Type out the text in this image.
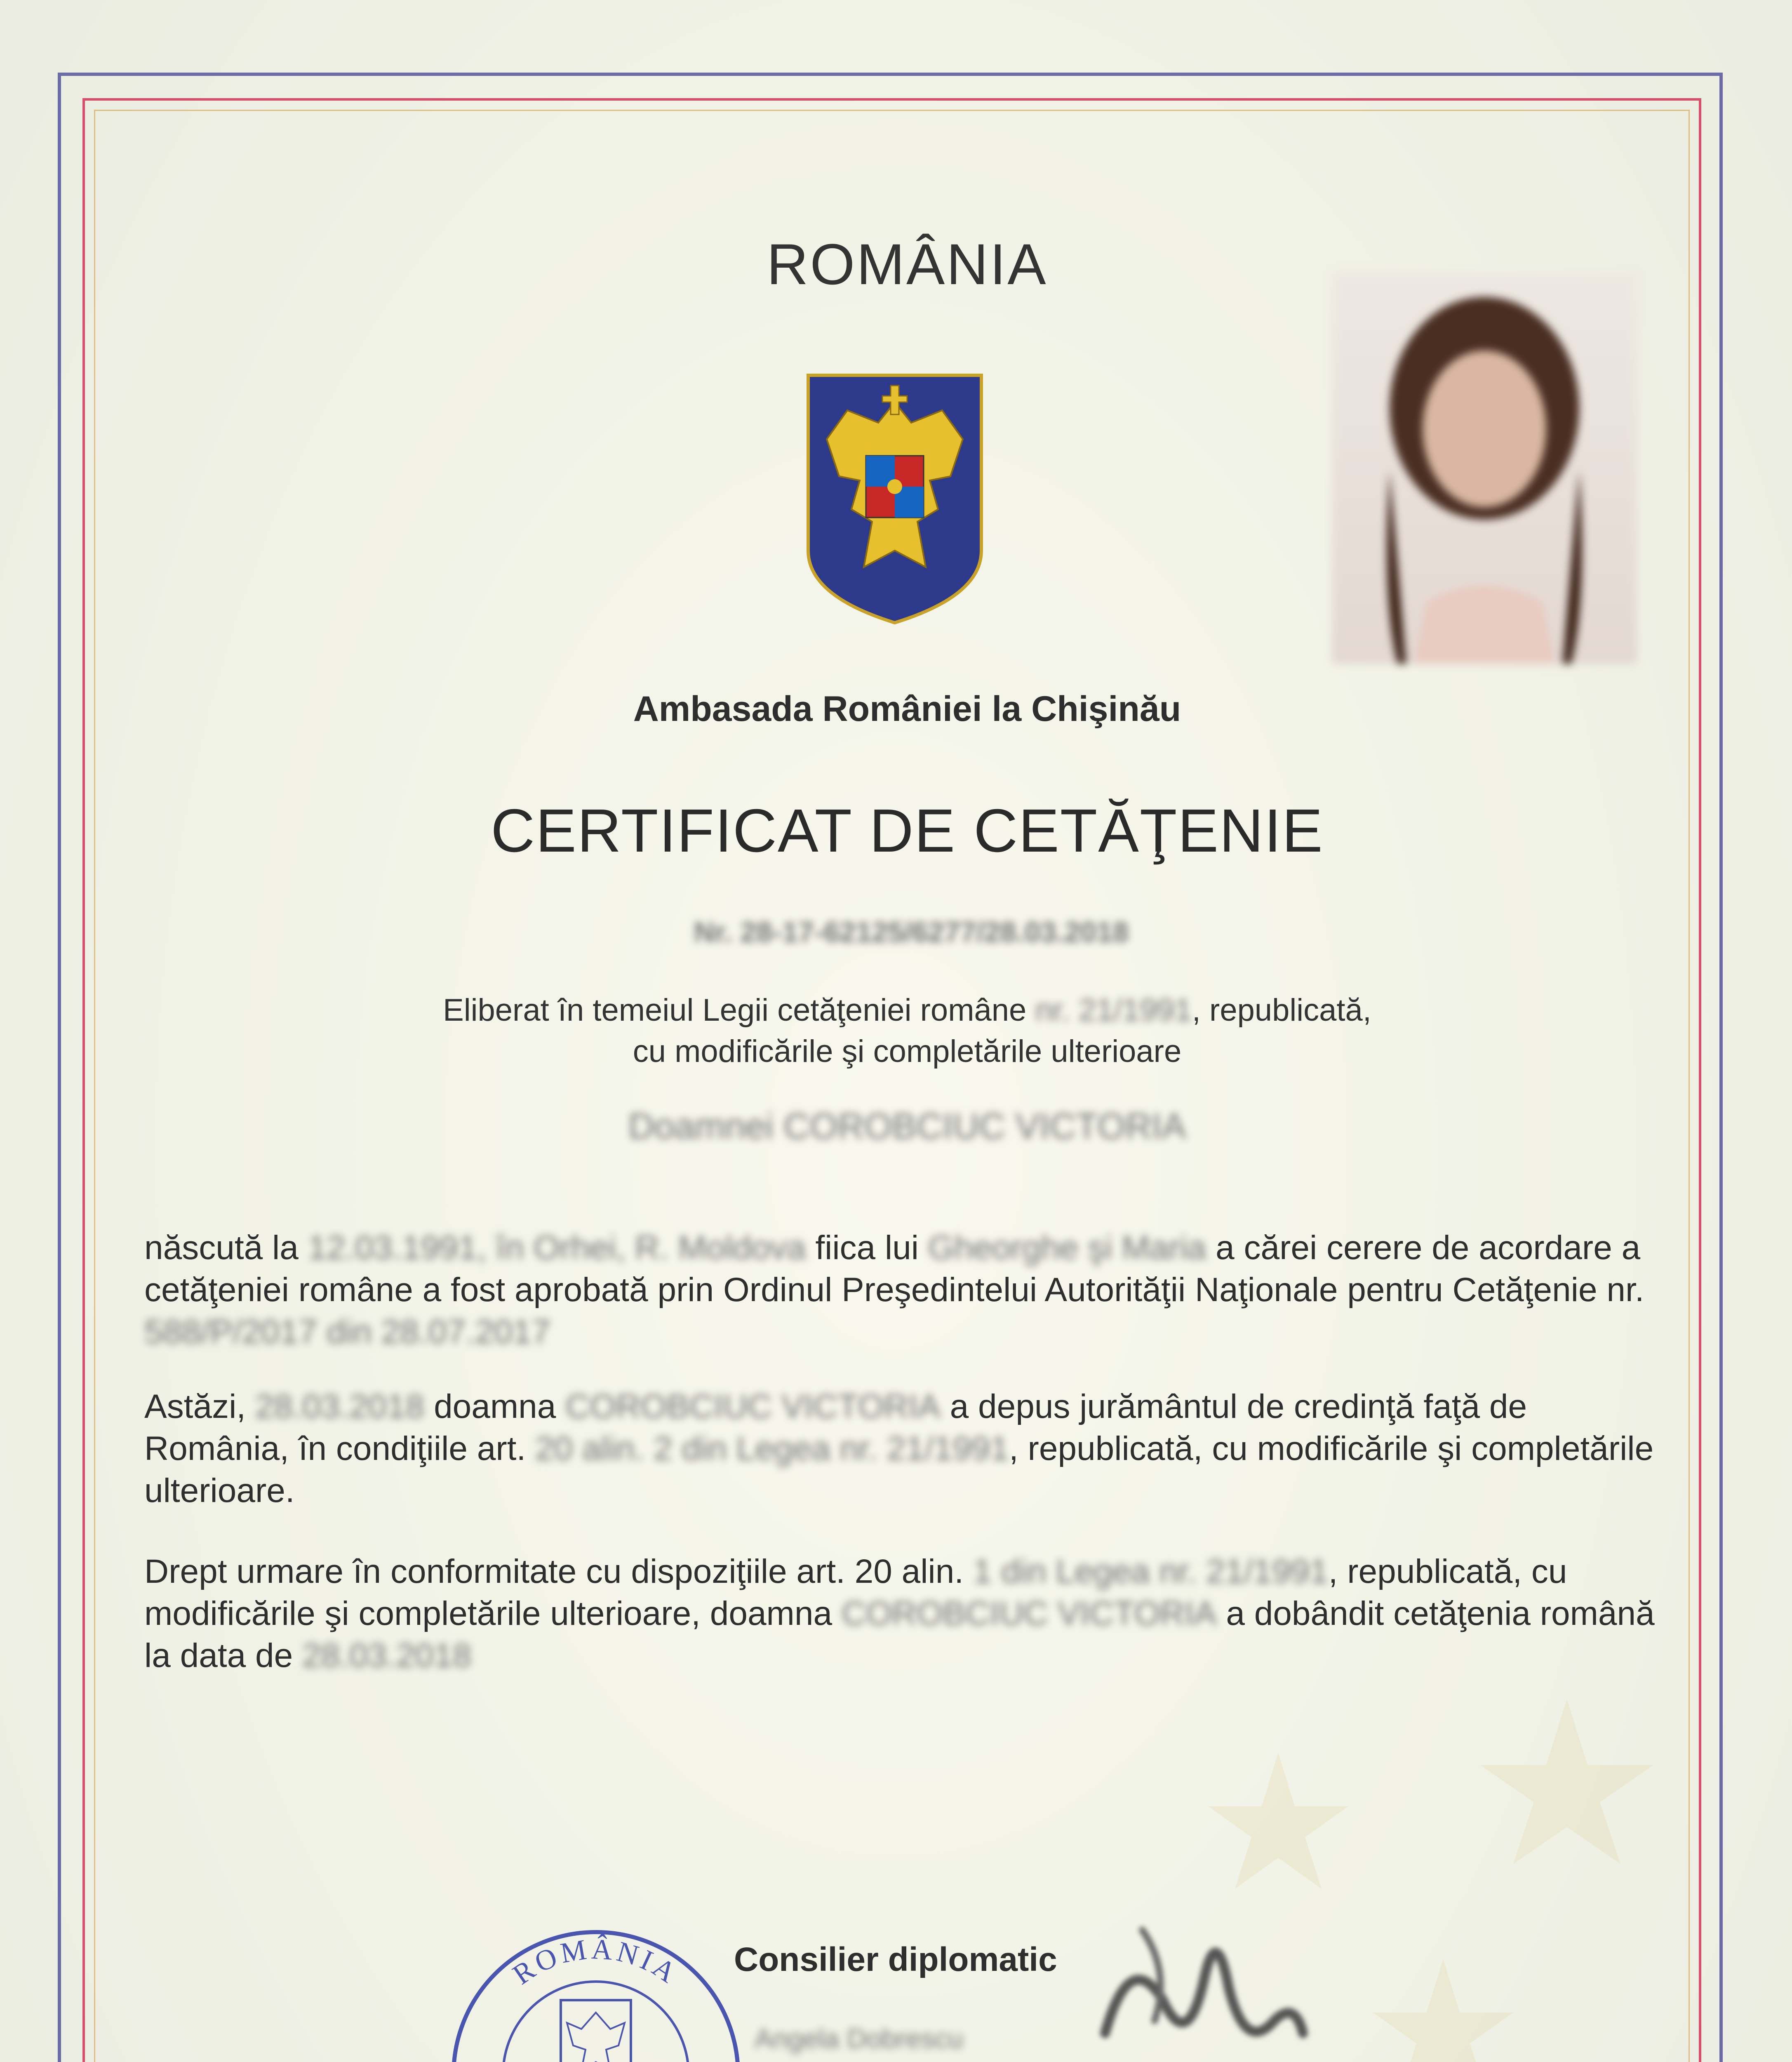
ROMÂNIA
Ambasada României la Chişinău
CERTIFICAT DE CETĂŢENIE
Nr. 28-17-62125/6277/28.03.2018
Eliberat în temeiul Legii cetăţeniei române nr. 21/1991, republicată,
cu modificările şi completările ulterioare
Doamnei COROBCIUC VICTORIA
născută la 12.03.1991, în Orhei, R. Moldova fiica lui Gheorghe şi Maria a cărei cerere de acordare a cetăţeniei române a fost aprobată prin Ordinul Preşedintelui Autorităţii Naţionale pentru Cetăţenie nr. 588/P/2017 din 28.07.2017
Astăzi, 28.03.2018 doamna COROBCIUC VICTORIA a depus jurământul de credinţă faţă de România, în condiţiile art. 20 alin. 2 din Legea nr. 21/1991, republicată, cu modificările şi completările ulterioare.
Drept urmare în conformitate cu dispoziţiile art. 20 alin. 1 din Legea nr. 21/1991, republicată, cu modificările şi completările ulterioare, doamna COROBCIUC VICTORIA a dobândit cetăţenia română la data de 28.03.2018
ROMÂNIA Consilier diplomatic
Angela Dobrescu
